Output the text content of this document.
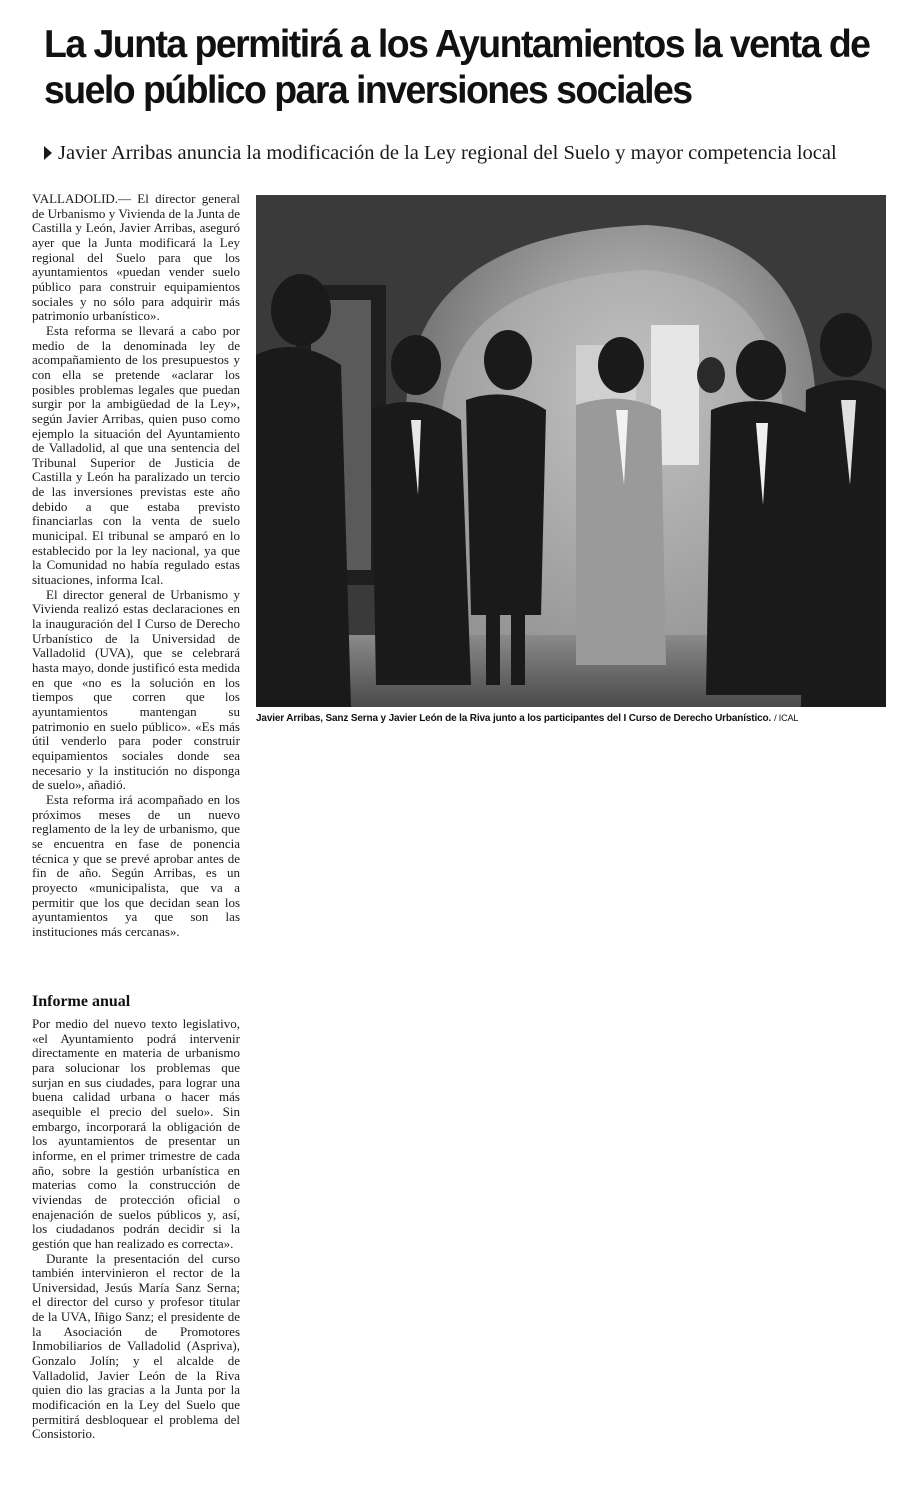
La Junta permitirá a los Ayuntamientos la venta de suelo público para inversiones sociales
Javier Arribas anuncia la modificación de la Ley regional del Suelo y mayor competencia local

VALLADOLID.— El director general de Urbanismo y Vivienda de la Junta de Castilla y León, Javier Arribas, aseguró ayer que la Junta modificará la Ley regional del Suelo para que los ayuntamientos «puedan vender suelo público para construir equipamientos sociales y no sólo para adquirir más patrimonio urbanístico».

Esta reforma se llevará a cabo por medio de la denominada ley de acompañamiento de los presupuestos y con ella se pretende «aclarar los posibles problemas legales que puedan surgir por la ambigüedad de la Ley», según Javier Arribas, quien puso como ejemplo la situación del Ayuntamiento de Valladolid, al que una sentencia del Tribunal Superior de Justicia de Castilla y León ha paralizado un tercio de las inversiones previstas este año debido a que estaba previsto financiarlas con la venta de suelo municipal. El tribunal se amparó en lo establecido por la ley nacional, ya que la Comunidad no había regulado estas situaciones, informa Ical.

El director general de Urbanismo y Vivienda realizó estas declaraciones en la inauguración del I Curso de Derecho Urbanístico de la Universidad de Valladolid (UVA), que se celebrará hasta mayo, donde justificó esta medida en que «no es la solución en los tiempos que corren que los ayuntamientos mantengan su patrimonio en suelo público». «Es más útil venderlo para poder construir equipamientos sociales donde sea necesario y la institución no disponga de suelo», añadió.

Esta reforma irá acompañado en los próximos meses de un nuevo reglamento de la ley de urbanismo, que se encuentra en fase de ponencia técnica y que se prevé aprobar antes de fin de año. Según Arribas, es un proyecto «municipalista, que va a permitir que los que decidan sean los ayuntamientos ya que son las instituciones más cercanas».

Informe anual

Por medio del nuevo texto legislativo, «el Ayuntamiento podrá intervenir directamente en materia de urbanismo para solucionar los problemas que surjan en sus ciudades, para lograr una buena calidad urbana o hacer más asequible el precio del suelo». Sin embargo, incorporará la obligación de los ayuntamientos de presentar un informe, en el primer trimestre de cada año, sobre la gestión urbanística en materias como la construcción de viviendas de protección oficial o enajenación de suelos públicos y, así, los ciudadanos podrán decidir si la gestión que han realizado es correcta».

Durante la presentación del curso también intervinieron el rector de la Universidad, Jesús María Sanz Serna; el director del curso y profesor titular de la UVA, Iñigo Sanz; el presidente de la Asociación de Promotores Inmobiliarios de Valladolid (Aspriva), Gonzalo Jolín; y el alcalde de Valladolid, Javier León de la Riva quien dio las gracias a la Junta por la modificación en la Ley del Suelo que permitirá desbloquear el problema del Consistorio.

Javier Arribas, Sanz Serna y Javier León de la Riva junto a los participantes del I Curso de Derecho Urbanístico. / ICAL
